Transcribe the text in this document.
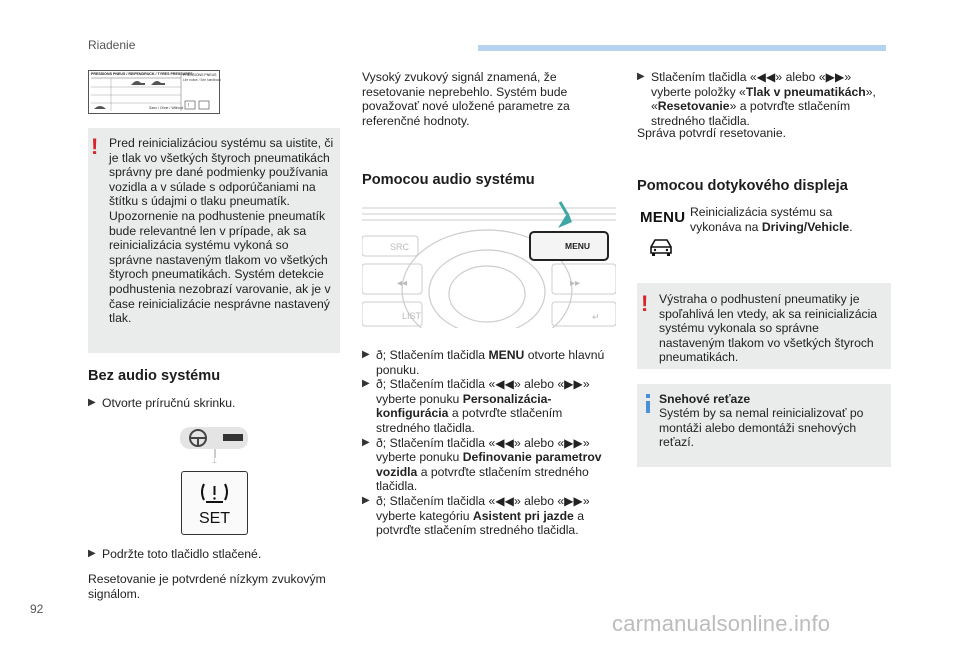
Riadenie
PRESSIONS PNEUS / REIFENDRUCK / TYRES PRESSURES
!
PRESSIONS PNEUS
Lire notice / See handbook
Sans / Ohne / Without
! Pred reinicializáciou systému sa uistite, či je tlak vo všetkých štyroch pneumatikách správny pre dané podmienky používania vozidla a v súlade s odporúčaniami na štítku s údajmi o tlaku pneumatík. Upozornenie na podhustenie pneumatík bude relevantné len v prípade, ak sa reinicializácia systému vykoná so správne nastaveným tlakom vo všetkých štyroch pneumatikách. Systém detekcie podhustenia nezobrazí varovanie, ak je v čase reinicializácie nesprávne nastavený tlak.
Bez audio systému
▶ Otvorte príručnú skrinku.
⊥
SET
▶ Podržte toto tlačidlo stlačené.
Resetovanie je potvrdené nízkym zvukovým signálom.
Vysoký zvukový signál znamená, že resetovanie neprebehlo. Systém bude považovať nové uložené parametre za referenčné hodnoty.
Pomocou audio systému
◂◂	▸▸
↵
SRC	MENU
LIST
ð; ▶ Stlačením tlačidla MENU otvorte hlavnú ponuku.
ð; ▶ Stlačením tlačidla «◀◀» alebo «▶▶» vyberte ponuku Personalizácia-konfigurácia a potvrďte stlačením stredného tlačidla.
ð; ▶ Stlačením tlačidla «◀◀» alebo «▶▶» vyberte ponuku Definovanie parametrov vozidla a potvrďte stlačením stredného tlačidla.
ð; ▶ Stlačením tlačidla «◀◀» alebo «▶▶» vyberte kategóriu Asistent pri jazde a potvrďte stlačením stredného tlačidla.
▶ Stlačením tlačidla «◀◀» alebo «▶▶» vyberte položky «Tlak v pneumatikách», «Resetovanie» a potvrďte stlačením stredného tlačidla.
Správa potvrdí resetovanie.
Pomocou dotykového displeja
MENU Reinicializácia systému sa vykonáva na Driving/Vehicle.
! Výstraha o podhustení pneumatiky je spoľahlivá len vtedy, ak sa reinicializácia systému vykonala so správne nastaveným tlakom vo všetkých štyroch pneumatikách.
Snehové reťaze
Systém by sa nemal reinicializovať po montáži alebo demontáži snehových reťazí.
92
carmanualsonline.info
